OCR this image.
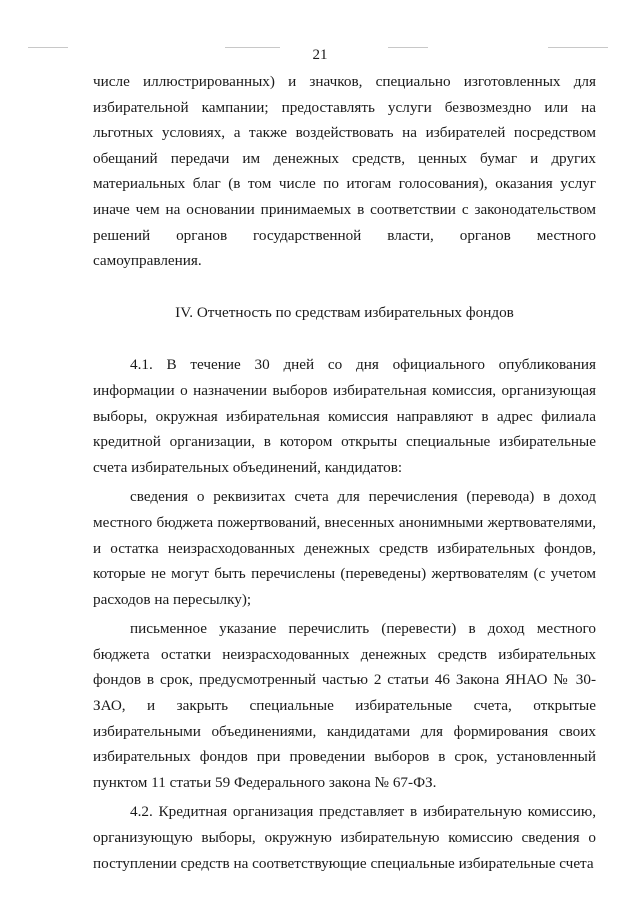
21

числе иллюстрированных) и значков, специально изготовленных для избирательной кампании; предоставлять услуги безвозмездно или на льготных условиях, а также воздействовать на избирателей посредством обещаний передачи им денежных средств, ценных бумаг и других материальных благ (в том числе по итогам голосования), оказания услуг иначе чем на основании принимаемых в соответствии с законодательством решений органов государственной власти, органов местного самоуправления.

IV. Отчетность по средствам избирательных фондов

4.1. В течение 30 дней со дня официального опубликования информации о назначении выборов избирательная комиссия, организующая выборы, окружная избирательная комиссия направляют в адрес филиала кредитной организации, в котором открыты специальные избирательные счета избирательных объединений, кандидатов:

сведения о реквизитах счета для перечисления (перевода) в доход местного бюджета пожертвований, внесенных анонимными жертвователями, и остатка неизрасходованных денежных средств избирательных фондов, которые не могут быть перечислены (переведены) жертвователям (с учетом расходов на пересылку);

письменное указание перечислить (перевести) в доход местного бюджета остатки неизрасходованных денежных средств избирательных фондов в срок, предусмотренный частью 2 статьи 46 Закона ЯНАО № 30-ЗАО, и закрыть специальные избирательные счета, открытые избирательными объединениями, кандидатами для формирования своих избирательных фондов при проведении выборов в срок, установленный пунктом 11 статьи 59 Федерального закона № 67-ФЗ.

4.2. Кредитная организация представляет в избирательную комиссию, организующую выборы, окружную избирательную комиссию сведения о поступлении средств на соответствующие специальные избирательные счета
